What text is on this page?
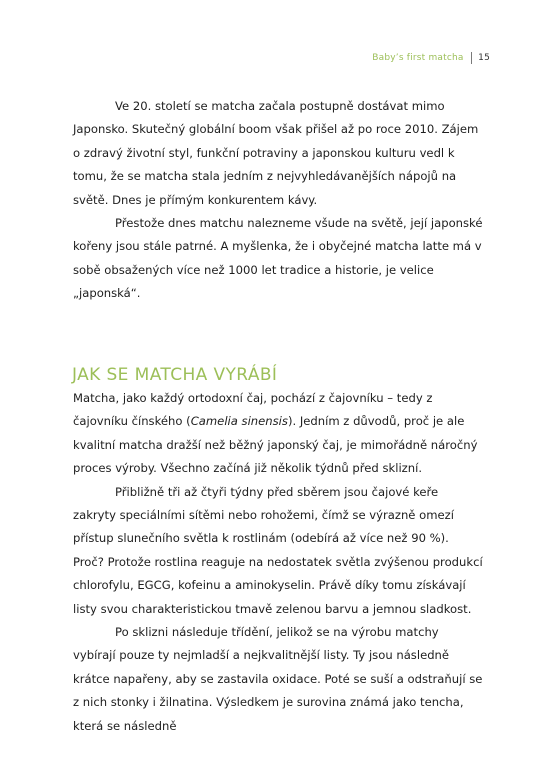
Baby’s first matcha 15

Ve 20. století se matcha začala postupně dostávat mimo Japonsko. Skutečný globální boom však přišel až po roce 2010. Zájem o zdravý životní styl, funkční potraviny a japonskou kulturu vedl k tomu, že se matcha stala jedním z nejvyhledávanějších nápojů na světě. Dnes je přímým konkurentem kávy.

Přestože dnes matchu nalezneme všude na světě, její japonské kořeny jsou stále patrné. A myšlenka, že i obyčejné matcha latte má v sobě obsažených více než 1000 let tradice a historie, je velice „japonská“.

JAK SE MATCHA VYRÁBÍ

Matcha, jako každý ortodoxní čaj, pochází z čajovníku – tedy z čajovníku čínského (Camelia sinensis). Jedním z důvodů, proč je ale kvalitní matcha dražší než běžný japonský čaj, je mimořádně náročný proces výroby. Všechno začíná již několik týdnů před sklizní.

Přibližně tři až čtyři týdny před sběrem jsou čajové keře zakryty speciálními sítěmi nebo rohožemi, čímž se výrazně omezí přístup slunečního světla k rostlinám (odebírá až více než 90 %). Proč? Protože rostlina reaguje na nedostatek světla zvýšenou produkcí chlorofylu, EGCG, kofeinu a aminokyselin. Právě díky tomu získávají listy svou charakteristickou tmavě zelenou barvu a jemnou sladkost.

Po sklizni následuje třídění, jelikož se na výrobu matchy vybírají pouze ty nejmladší a nejkvalitnější listy. Ty jsou následně krátce napařeny, aby se zastavila oxidace. Poté se suší a odstraňují se z nich stonky i žilnatina. Výsledkem je surovina známá jako tencha, která se následně
